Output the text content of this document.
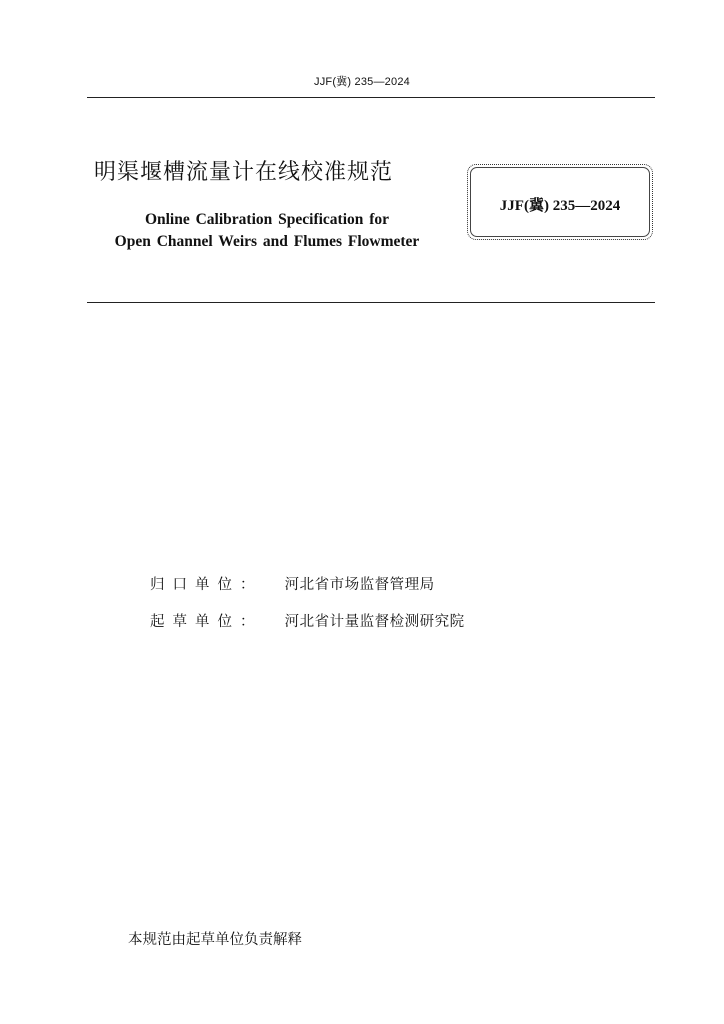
JJF(冀) 235—2024
明渠堰槽流量计在线校准规范
Online Calibration Specification for
Open Channel Weirs and Flumes Flowmeter
JJF(冀) 235—2024
归口单位： 河北省市场监督管理局
起草单位： 河北省计量监督检测研究院
本规范由起草单位负责解释
